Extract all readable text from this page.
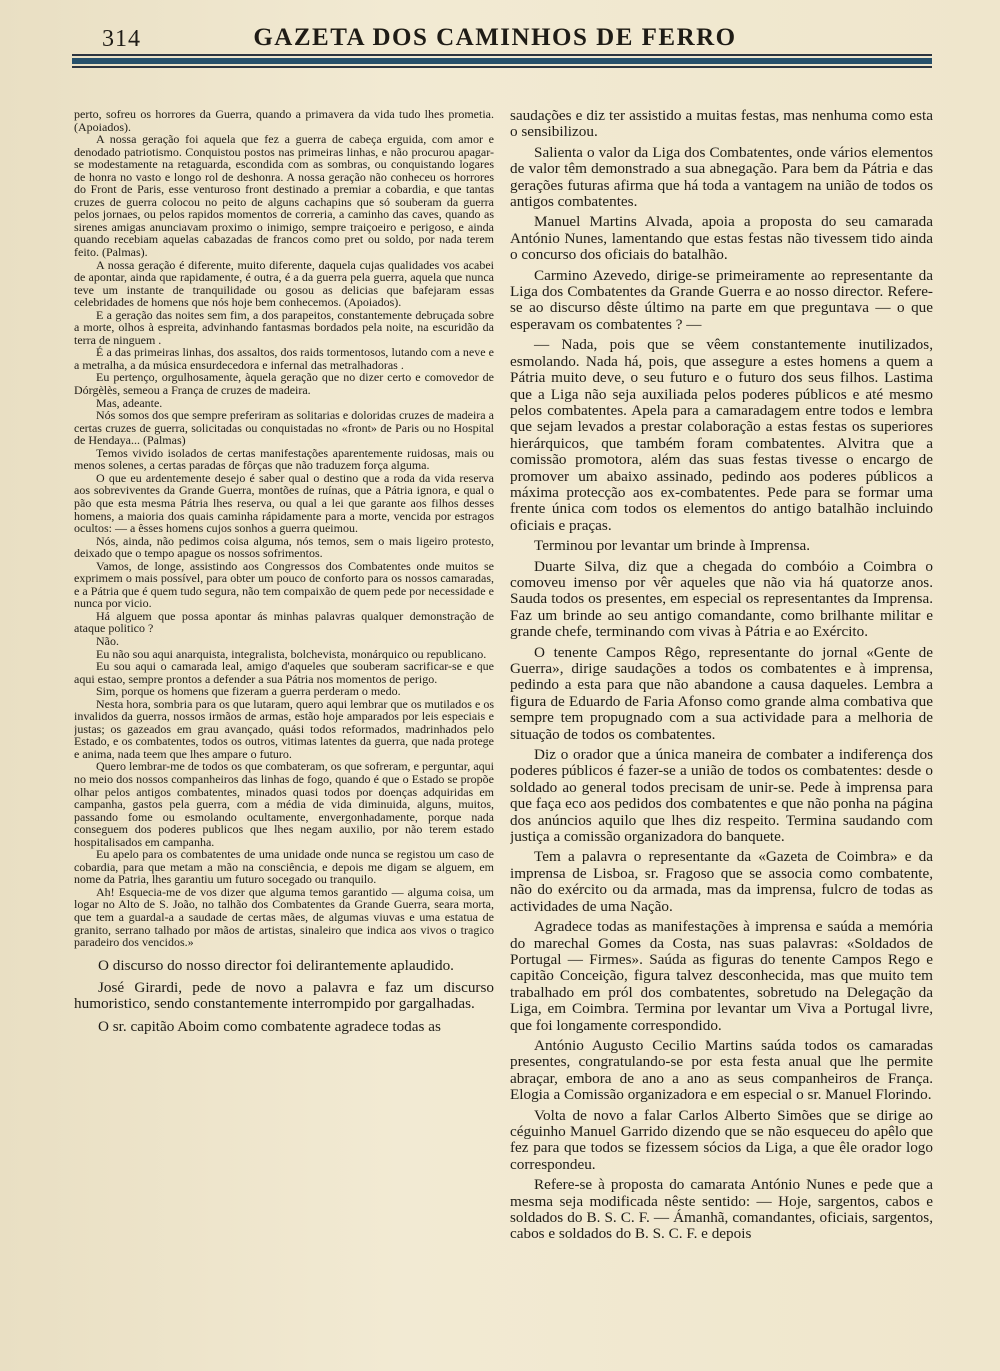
314	GAZETA DOS CAMINHOS DE FERRO

perto, sofreu os horrores da Guerra, quando a primavera da vida tudo lhes prometia. (Apoiados).

A nossa geração foi aquela que fez a guerra de cabeça erguida, com amor e denodado patriotismo. Conquistou postos nas primeiras linhas, e não procurou apagar-se modestamente na retaguarda, escondida com as sombras, ou conquistando logares de honra no vasto e longo rol de deshonra. A nossa geração não conheceu os horrores do Front de Paris, esse venturoso front destinado a premiar a cobardia, e que tantas cruzes de guerra colocou no peito de alguns cachapins que só souberam da guerra pelos jornaes, ou pelos rapidos momentos de correria, a caminho das caves, quando as sirenes amigas anunciavam proximo o inimigo, sempre traiçoeiro e perigoso, e ainda quando recebiam aquelas cabazadas de francos como pret ou soldo, por nada terem feito. (Palmas).

A nossa geração é diferente, muito diferente, daquela cujas qualidades vos acabei de apontar, ainda que rapidamente, é outra, é a da guerra pela guerra, aquela que nunca teve um instante de tranquilidade ou gosou as delicias que bafejaram essas celebridades de homens que nós hoje bem conhecemos. (Apoiados).

E a geração das noites sem fim, a dos parapeitos, constantemente debruçada sobre a morte, olhos à espreita, advinhando fantasmas bordados pela noite, na escuridão da terra de ninguem .

É a das primeiras linhas, dos assaltos, dos raids tormentosos, lutando com a neve e a metralha, a da música ensurdecedora e infernal das metralhadoras .

Eu pertenço, orgulhosamente, àquela geração que no dizer certo e comovedor de Dórgèlès, semeou a França de cruzes de madeira.

Mas, adeante.

Nós somos dos que sempre preferiram as solitarias e doloridas cruzes de madeira a certas cruzes de guerra, solicitadas ou conquistadas no «front» de Paris ou no Hospital de Hendaya... (Palmas)

Temos vivido isolados de certas manifestações aparentemente ruidosas, mais ou menos solenes, a certas paradas de fôrças que não traduzem força alguma.

O que eu ardentemente desejo é saber qual o destino que a roda da vida reserva aos sobreviventes da Grande Guerra, montões de ruínas, que a Pátria ignora, e qual o pão que esta mesma Pátria lhes reserva, ou qual a lei que garante aos filhos desses homens, a maioria dos quais caminha rápidamente para a morte, vencida por estragos ocultos: — a êsses homens cujos sonhos a guerra queimou.

Nós, ainda, não pedimos coisa alguma, nós temos, sem o mais ligeiro protesto, deixado que o tempo apague os nossos sofrimentos.

Vamos, de longe, assistindo aos Congressos dos Combatentes onde muitos se exprimem o mais possível, para obter um pouco de conforto para os nossos camaradas, e a Pátria que é quem tudo segura, não tem compaixão de quem pede por necessidade e nunca por vicio.

Há alguem que possa apontar ás minhas palavras qualquer demonstração de ataque politico ?

Não.

Eu não sou aqui anarquista, integralista, bolchevista, monárquico ou republicano.

Eu sou aqui o camarada leal, amigo d'aqueles que souberam sacrificar-se e que aqui estao, sempre prontos a defender a sua Pátria nos momentos de perigo.

Sim, porque os homens que fizeram a guerra perderam o medo.

Nesta hora, sombria para os que lutaram, quero aqui lembrar que os mutilados e os invalidos da guerra, nossos irmãos de armas, estão hoje amparados por leis especiais e justas; os gazeados em grau avançado, quási todos reformados, madrinhados pelo Estado, e os combatentes, todos os outros, vitimas latentes da guerra, que nada protege e anima, nada teem que lhes ampare o futuro.

Quero lembrar-me de todos os que combateram, os que sofreram, e perguntar, aqui no meio dos nossos companheiros das linhas de fogo, quando é que o Estado se propõe olhar pelos antigos combatentes, minados quasi todos por doenças adquiridas em campanha, gastos pela guerra, com a média de vida diminuida, alguns, muitos, passando fome ou esmolando ocultamente, envergonhadamente, porque nada conseguem dos poderes publicos que lhes negam auxilio, por não terem estado hospitalisados em campanha.

Eu apelo para os combatentes de uma unidade onde nunca se registou um caso de cobardia, para que metam a mão na consciência, e depois me digam se alguem, em nome da Patria, lhes garantiu um futuro socegado ou tranquilo.

Ah! Esquecia-me de vos dizer que alguma temos garantido — alguma coisa, um logar no Alto de S. João, no talhão dos Combatentes da Grande Guerra, seara morta, que tem a guardal-a a saudade de certas mães, de algumas viuvas e uma estatua de granito, serrano talhado por mãos de artistas, sinaleiro que indica aos vivos o tragico paradeiro dos vencidos.»

O discurso do nosso director foi delirantemente aplaudido.

José Girardi, pede de novo a palavra e faz um discurso humoristico, sendo constantemente interrompido por gargalhadas.

O sr. capitão Aboim como combatente agradece todas as

saudações e diz ter assistido a muitas festas, mas nenhuma como esta o sensibilizou.

Salienta o valor da Liga dos Combatentes, onde vários elementos de valor têm demonstrado a sua abnegação. Para bem da Pátria e das gerações futuras afirma que há toda a vantagem na união de todos os antigos combatentes.

Manuel Martins Alvada, apoia a proposta do seu camarada António Nunes, lamentando que estas festas não tivessem tido ainda o concurso dos oficiais do batalhão.

Carmino Azevedo, dirige-se primeiramente ao representante da Liga dos Combatentes da Grande Guerra e ao nosso director. Refere-se ao discurso dêste último na parte em que preguntava — o que esperavam os combatentes ? —

— Nada, pois que se vêem constantemente inutilizados, esmolando. Nada há, pois, que assegure a estes homens a quem a Pátria muito deve, o seu futuro e o futuro dos seus filhos. Lastima que a Liga não seja auxiliada pelos poderes públicos e até mesmo pelos combatentes. Apela para a camaradagem entre todos e lembra que sejam levados a prestar colaboração a estas festas os superiores hierárquicos, que também foram combatentes. Alvitra que a comissão promotora, além das suas festas tivesse o encargo de promover um abaixo assinado, pedindo aos poderes públicos a máxima protecção aos ex-combatentes. Pede para se formar uma frente única com todos os elementos do antigo batalhão incluindo oficiais e praças.

Terminou por levantar um brinde à Imprensa.

Duarte Silva, diz que a chegada do combóio a Coimbra o comoveu imenso por vêr aqueles que não via há quatorze anos. Sauda todos os presentes, em especial os representantes da Imprensa. Faz um brinde ao seu antigo comandante, como brilhante militar e grande chefe, terminando com vivas à Pátria e ao Exército.

O tenente Campos Rêgo, representante do jornal «Gente de Guerra», dirige saudações a todos os combatentes e à imprensa, pedindo a esta para que não abandone a causa daqueles. Lembra a figura de Eduardo de Faria Afonso como grande alma combativa que sempre tem propugnado com a sua actividade para a melhoria de situação de todos os combatentes.

Diz o orador que a única maneira de combater a indiferença dos poderes públicos é fazer-se a união de todos os combatentes: desde o soldado ao general todos precisam de unir-se. Pede à imprensa para que faça eco aos pedidos dos combatentes e que não ponha na página dos anúncios aquilo que lhes diz respeito. Termina saudando com justiça a comissão organizadora do banquete.

Tem a palavra o representante da «Gazeta de Coimbra» e da imprensa de Lisboa, sr. Fragoso que se associa como combatente, não do exército ou da armada, mas da imprensa, fulcro de todas as actividades de uma Nação.

Agradece todas as manifestações à imprensa e saúda a memória do marechal Gomes da Costa, nas suas palavras: «Soldados de Portugal — Firmes». Saúda as figuras do tenente Campos Rego e capitão Conceição, figura talvez desconhecida, mas que muito tem trabalhado em pról dos combatentes, sobretudo na Delegação da Liga, em Coimbra. Termina por levantar um Viva a Portugal livre, que foi longamente correspondido.

António Augusto Cecilio Martins saúda todos os camaradas presentes, congratulando-se por esta festa anual que lhe permite abraçar, embora de ano a ano as seus companheiros de França. Elogia a Comissão organizadora e em especial o sr. Manuel Florindo.

Volta de novo a falar Carlos Alberto Simões que se dirige ao céguinho Manuel Garrido dizendo que se não esqueceu do apêlo que fez para que todos se fizessem sócios da Liga, a que êle orador logo correspondeu.

Refere-se à proposta do camarata António Nunes e pede que a mesma seja modificada nêste sentido: — Hoje, sargentos, cabos e soldados do B. S. C. F. — Ámanhã, comandantes, oficiais, sargentos, cabos e soldados do B. S. C. F. e depois
